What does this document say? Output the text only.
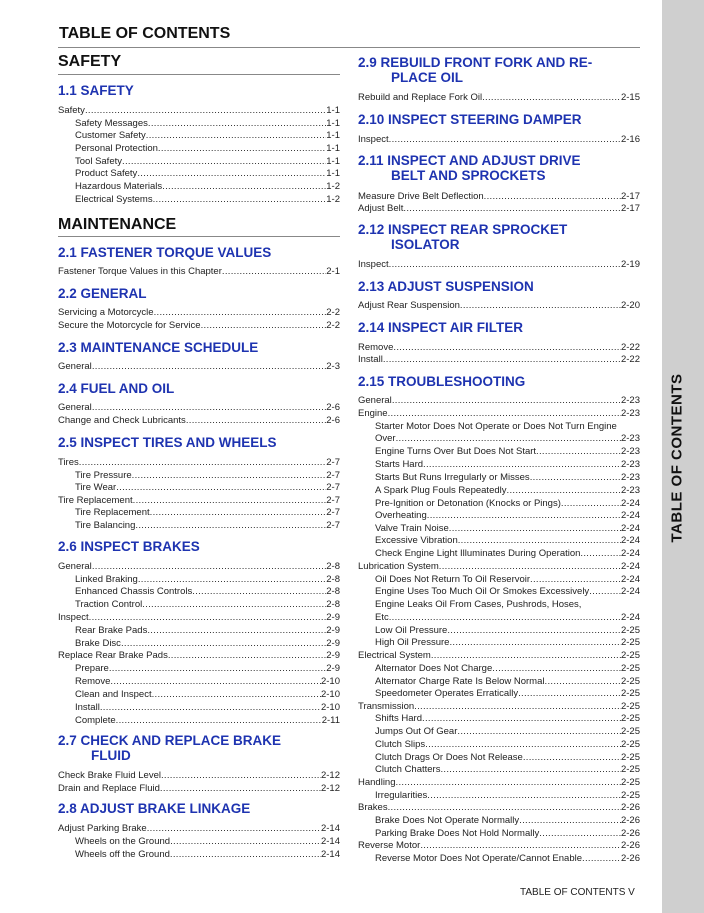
TABLE OF CONTENTS
SAFETY
1.1 SAFETY
Safety .....	1-1
Safety Messages .....	1-1
Customer Safety .....	1-1
Personal Protection .....	1-1
Tool Safety .....	1-1
Product Safety .....	1-1
Hazardous Materials .....	1-2
Electrical Systems .....	1-2
MAINTENANCE
2.1 FASTENER TORQUE VALUES
Fastener Torque Values in this Chapter .....	2-1
2.2 GENERAL
Servicing a Motorcycle .....	2-2
Secure the Motorcycle for Service .....	2-2
2.3 MAINTENANCE SCHEDULE
General .....	2-3
2.4 FUEL AND OIL
General .....	2-6
Change and Check Lubricants .....	2-6
2.5 INSPECT TIRES AND WHEELS
Tires .....	2-7
Tire Pressure .....	2-7
Tire Wear .....	2-7
Tire Replacement .....	2-7
Tire Replacement .....	2-7
Tire Balancing .....	2-7
2.6 INSPECT BRAKES
General .....	2-8
Linked Braking .....	2-8
Enhanced Chassis Controls .....	2-8
Traction Control .....	2-8
Inspect .....	2-9
Rear Brake Pads .....	2-9
Brake Disc .....	2-9
Replace Rear Brake Pads .....	2-9
Prepare .....	2-9
Remove .....	2-10
Clean and Inspect .....	2-10
Install .....	2-10
Complete .....	2-11
2.7 CHECK AND REPLACE BRAKE
FLUID
Check Brake Fluid Level .....	2-12
Drain and Replace Fluid .....	2-12
2.8 ADJUST BRAKE LINKAGE
Adjust Parking Brake .....	2-14
Wheels on the Ground .....	2-14
Wheels off the Ground .....	2-14
2.9 REBUILD FRONT FORK AND RE-
PLACE OIL
Rebuild and Replace Fork Oil .....	2-15
2.10 INSPECT STEERING DAMPER
Inspect .....	2-16
2.11 INSPECT AND ADJUST DRIVE
BELT AND SPROCKETS
Measure Drive Belt Deflection .....	2-17
Adjust Belt .....	2-17
2.12 INSPECT REAR SPROCKET
ISOLATOR
Inspect .....	2-19
2.13 ADJUST SUSPENSION
Adjust Rear Suspension .....	2-20
2.14 INSPECT AIR FILTER
Remove .....	2-22
Install .....	2-22
2.15 TROUBLESHOOTING
General .....	2-23
Engine .....	2-23
Starter Motor Does Not Operate or Does Not Turn Engine
Over .....	2-23
Engine Turns Over But Does Not Start .....	2-23
Starts Hard .....	2-23
Starts But Runs Irregularly or Misses .....	2-23
A Spark Plug Fouls Repeatedly .....	2-23
Pre-Ignition or Detonation (Knocks or Pings) .....	2-24
Overheating .....	2-24
Valve Train Noise .....	2-24
Excessive Vibration .....	2-24
Check Engine Light Illuminates During Operation .....	2-24
Lubrication System .....	2-24
Oil Does Not Return To Oil Reservoir .....	2-24
Engine Uses Too Much Oil Or Smokes Excessively .....	2-24
Engine Leaks Oil From Cases, Pushrods, Hoses,
Etc .....	2-24
Low Oil Pressure .....	2-25
High Oil Pressure .....	2-25
Electrical System .....	2-25
Alternator Does Not Charge .....	2-25
Alternator Charge Rate Is Below Normal .....	2-25
Speedometer Operates Erratically .....	2-25
Transmission .....	2-25
Shifts Hard .....	2-25
Jumps Out Of Gear .....	2-25
Clutch Slips .....	2-25
Clutch Drags Or Does Not Release .....	2-25
Clutch Chatters .....	2-25
Handling .....	2-25
Irregularities .....	2-25
Brakes .....	2-26
Brake Does Not Operate Normally .....	2-26
Parking Brake Does Not Hold Normally .....	2-26
Reverse Motor .....	2-26
Reverse Motor Does Not Operate/Cannot Enable .....	2-26
TABLE OF CONTENTS V
TABLE OF CONTENTS
